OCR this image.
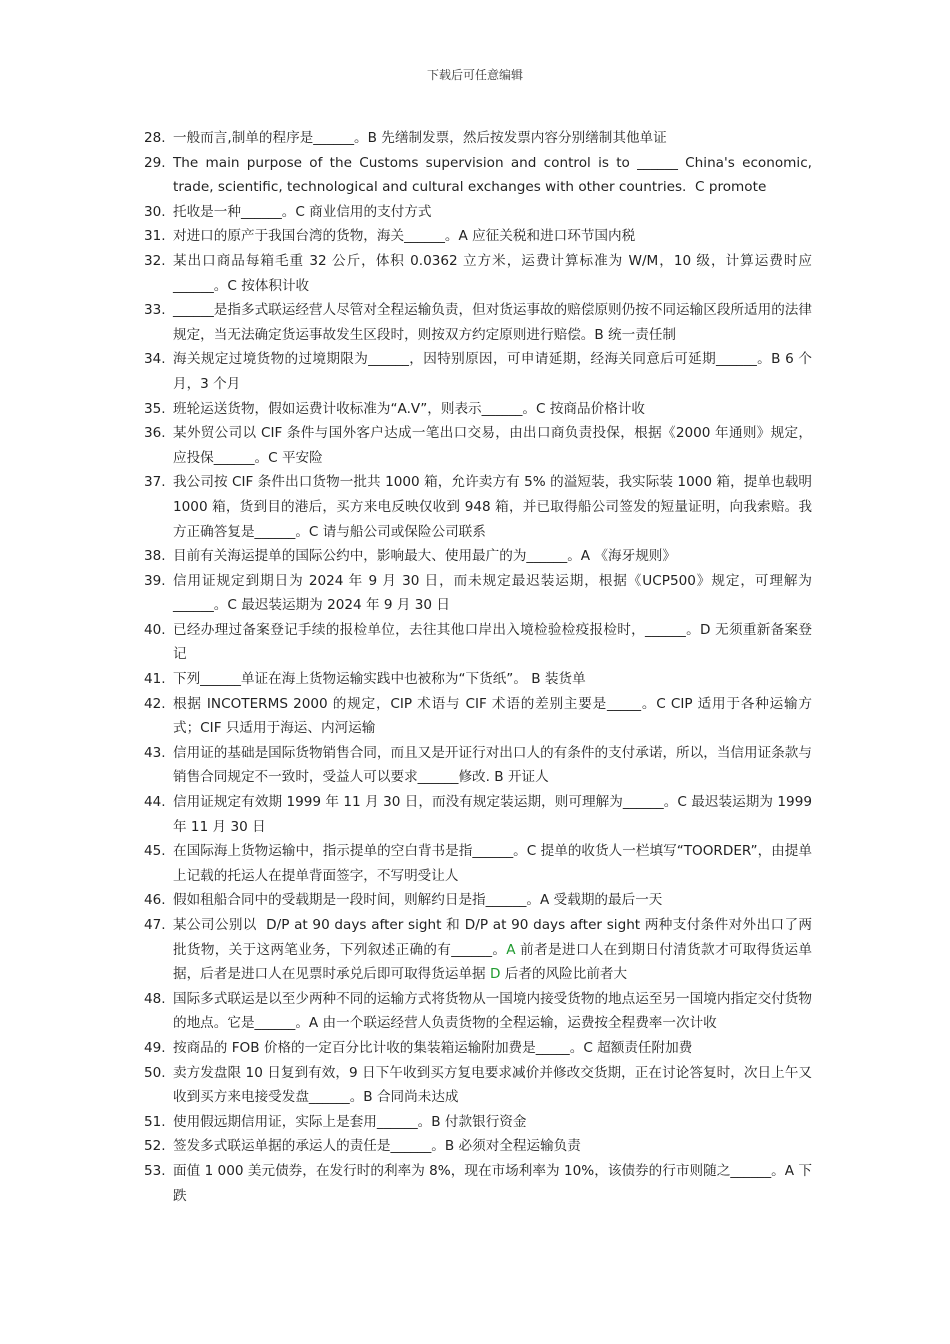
下载后可任意编辑
28. 一般而言,制单的程序是______。B 先缮制发票，然后按发票内容分别缮制其他单证
29. The main purpose of the Customs supervision and control is to ______ China's economic, trade, scientific, technological and cultural exchanges with other countries.  C promote
30. 托收是一种______。C 商业信用的支付方式
31. 对进口的原产于我国台湾的货物，海关______。A 应征关税和进口环节国内税
32. 某出口商品每箱毛重 32 公斤，体积 0.0362 立方米，运费计算标准为 W/M，10 级，计算运费时应______。C 按体积计收
33. ______是指多式联运经营人尽管对全程运输负责，但对货运事故的赔偿原则仍按不同运输区段所适用的法律规定，当无法确定货运事故发生区段时，则按双方约定原则进行赔偿。B 统一责任制
34. 海关规定过境货物的过境期限为______，因特别原因，可申请延期，经海关同意后可延期______。B 6 个月，3 个月
35. 班轮运送货物，假如运费计收标准为“A.V”，则表示______。C 按商品价格计收
36. 某外贸公司以 CIF 条件与国外客户达成一笔出口交易，由出口商负责投保，根据《2000 年通则》规定，应投保______。C 平安险
37. 我公司按 CIF 条件出口货物一批共 1000 箱，允许卖方有 5% 的溢短装，我实际装 1000 箱，提单也载明 1000 箱，货到目的港后，买方来电反映仅收到 948 箱，并已取得船公司签发的短量证明，向我索赔。我方正确答复是______。C 请与船公司或保险公司联系
38. 目前有关海运提单的国际公约中，影响最大、使用最广的为______。A 《海牙规则》
39. 信用证规定到期日为 2024 年 9 月 30 日，而未规定最迟装运期，根据《UCP500》规定，可理解为______。C 最迟装运期为 2024 年 9 月 30 日
40. 已经办理过备案登记手续的报检单位，去往其他口岸出入境检验检疫报检时，______。D 无须重新备案登记
41. 下列______单证在海上货物运输实践中也被称为“下货纸”。 B 装货单
42. 根据 INCOTERMS 2000 的规定，CIP 术语与 CIF 术语的差别主要是_____。C CIP 适用于各种运输方式；CIF 只适用于海运、内河运输
43. 信用证的基础是国际货物销售合同，而且又是开证行对出口人的有条件的支付承诺，所以，当信用证条款与销售合同规定不一致时，受益人可以要求______修改. B 开证人
44. 信用证规定有效期 1999 年 11 月 30 日，而没有规定装运期，则可理解为______。C 最迟装运期为 1999 年 11 月 30 日
45. 在国际海上货物运输中，指示提单的空白背书是指______。C 提单的收货人一栏填写“TOORDER”，由提单上记载的托运人在提单背面签字，不写明受让人
46. 假如租船合同中的受载期是一段时间，则解约日是指______。A 受载期的最后一天
47. 某公司公别以  D/P at 90 days after sight 和 D/P at 90 days after sight 两种支付条件对外出口了两批货物，关于这两笔业务，下列叙述正确的有______。A 前者是进口人在到期日付清货款才可取得货运单据，后者是进口人在见票时承兑后即可取得货运单据 D 后者的风险比前者大
48. 国际多式联运是以至少两种不同的运输方式将货物从一国境内接受货物的地点运至另一国境内指定交付货物的地点。它是______。A 由一个联运经营人负责货物的全程运输，运费按全程费率一次计收
49. 按商品的 FOB 价格的一定百分比计收的集装箱运输附加费是_____。C 超额责任附加费
50. 卖方发盘限 10 日复到有效，9 日下午收到买方复电要求减价并修改交货期，正在讨论答复时，次日上午又收到买方来电接受发盘______。B 合同尚未达成
51. 使用假远期信用证，实际上是套用______。B 付款银行资金
52. 签发多式联运单据的承运人的责任是______。B 必须对全程运输负责
53. 面值 1 000 美元债券，在发行时的利率为 8%，现在市场利率为 10%，该债券的行市则随之______。A 下跌
